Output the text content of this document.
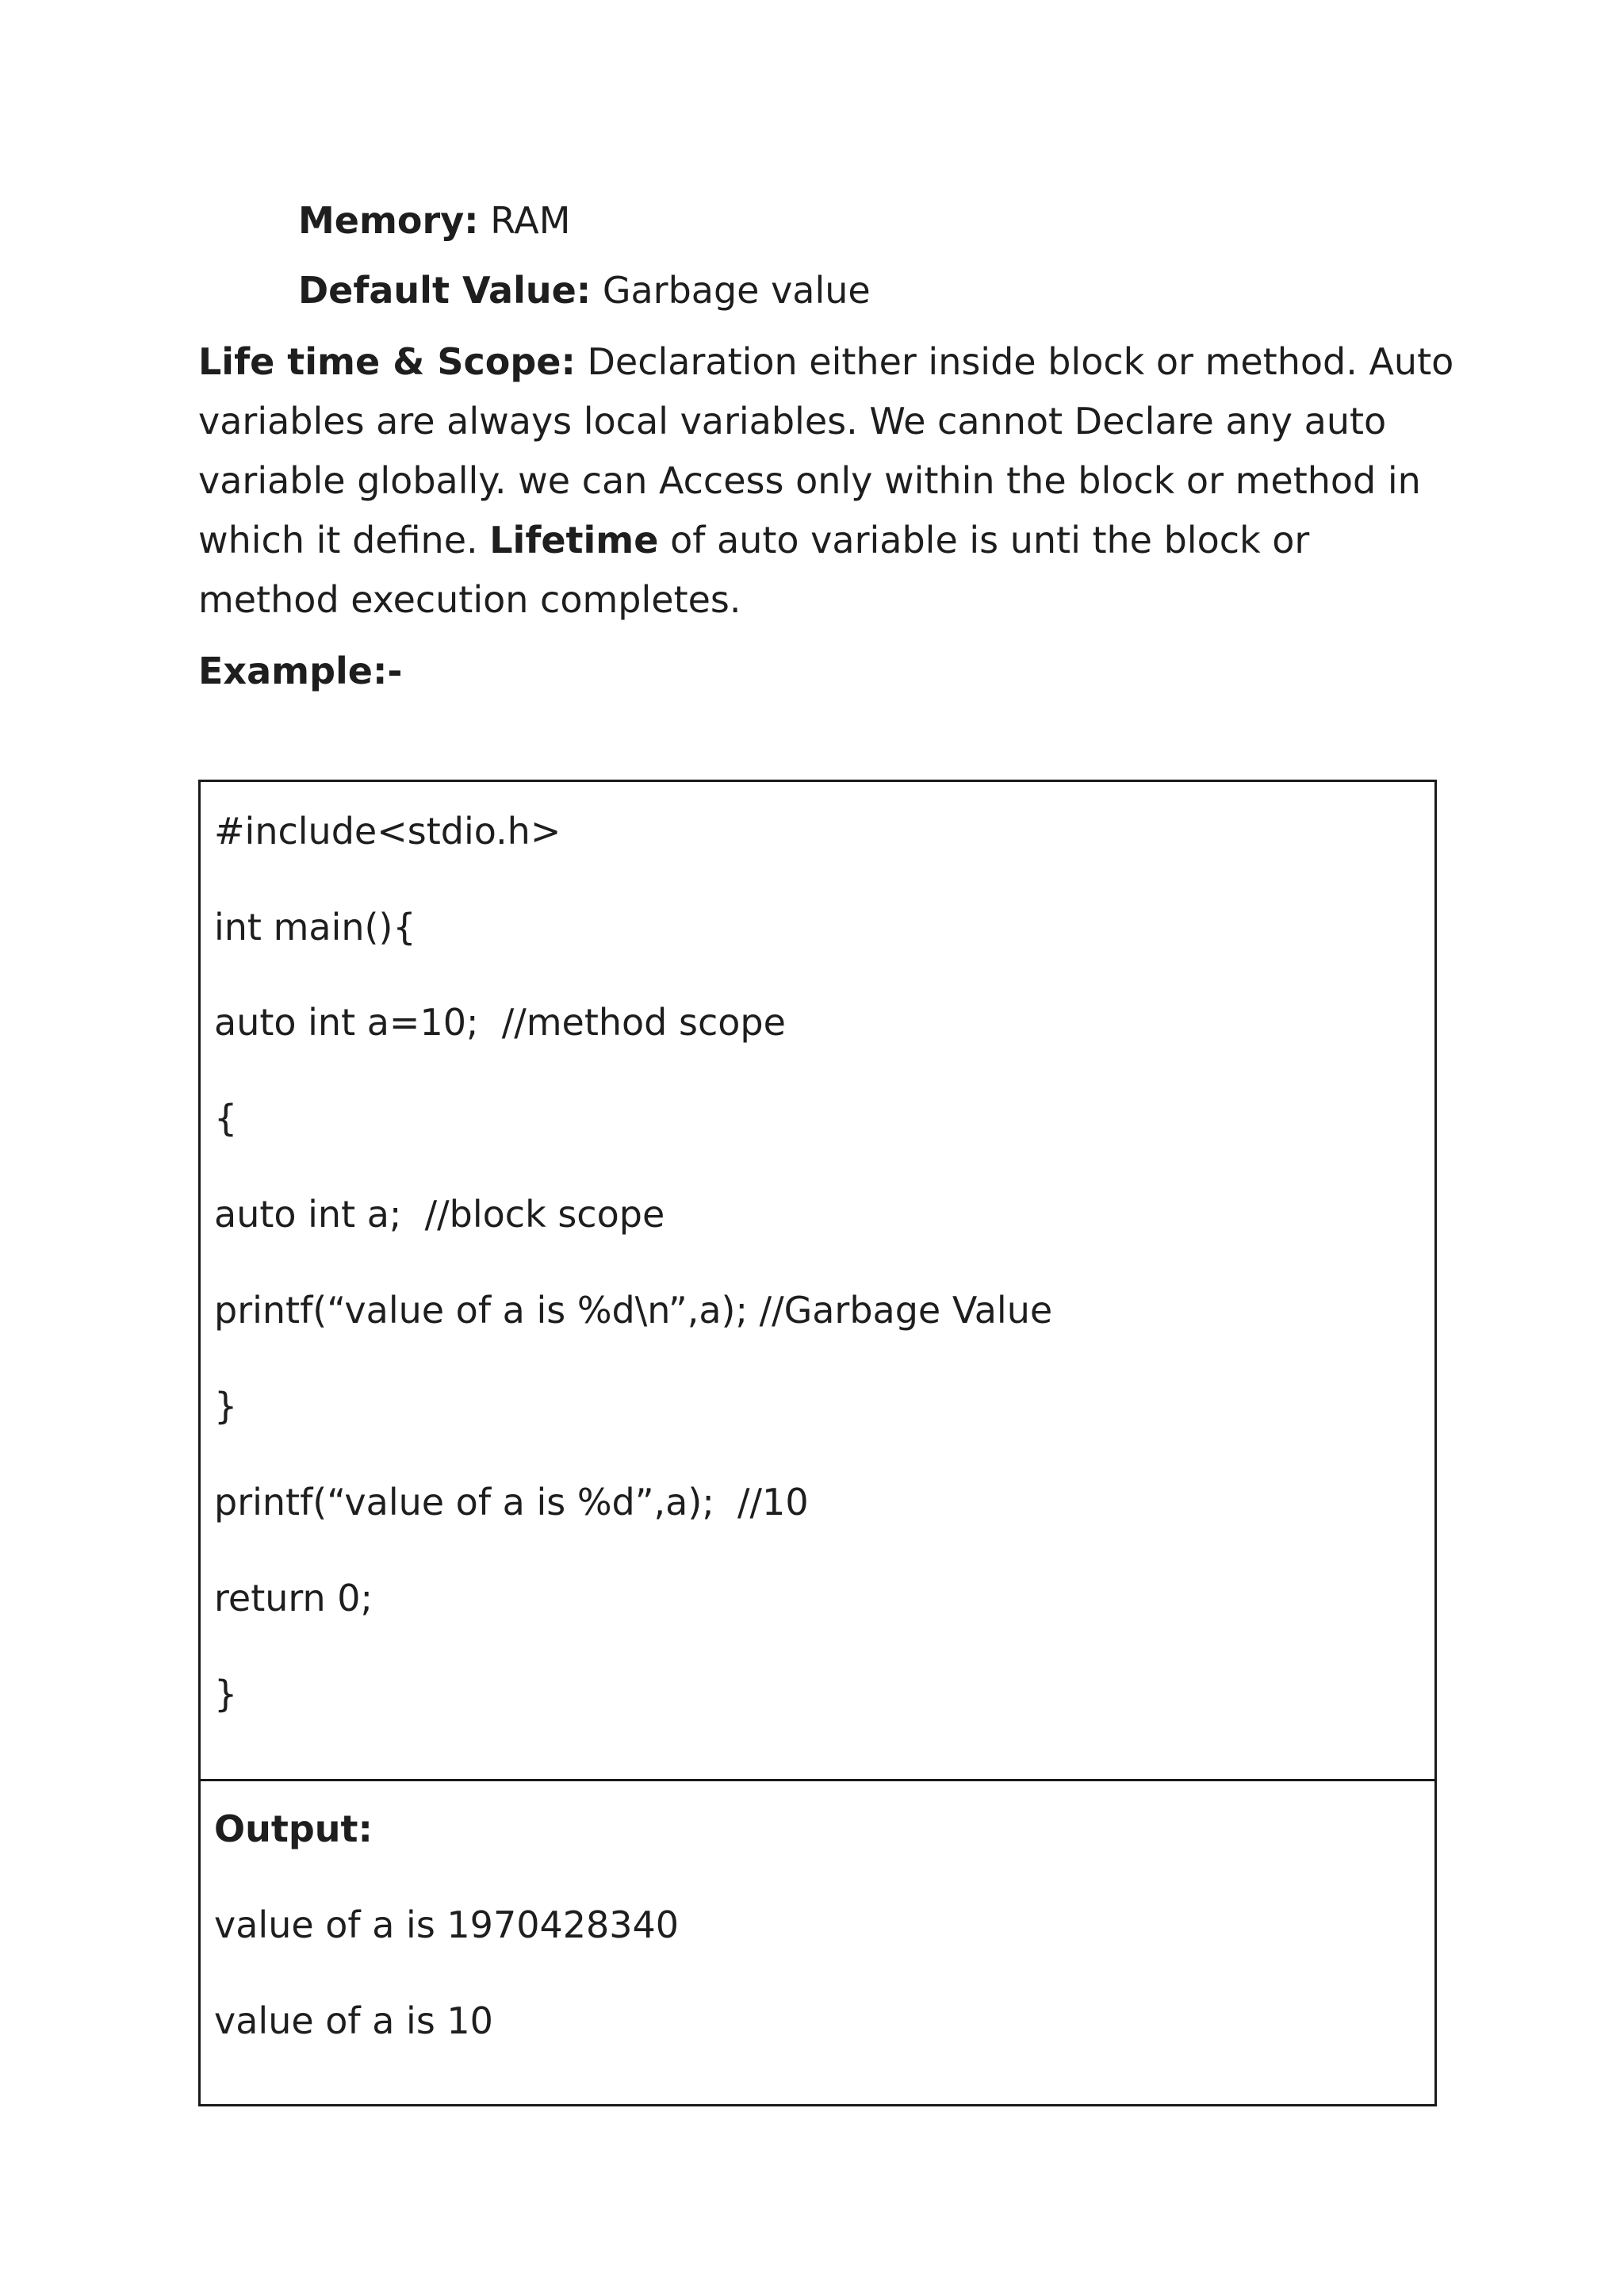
Memory: RAM

Default Value: Garbage value

Life time & Scope: Declaration either inside block or method. Auto

variables are always local variables. We cannot Declare any auto

variable globally. we can Access only within the block or method in

which it define. Lifetime of auto variable is unti the block or

method execution completes.

Example:-

#include<stdio.h>
int main(){
auto int a=10;  //method scope
{
auto int a;  //block scope
printf(“value of a is %d\n”,a); //Garbage Value
}
printf(“value of a is %d”,a);  //10
return 0;
}
Output:
value of a is 1970428340
value of a is 10
